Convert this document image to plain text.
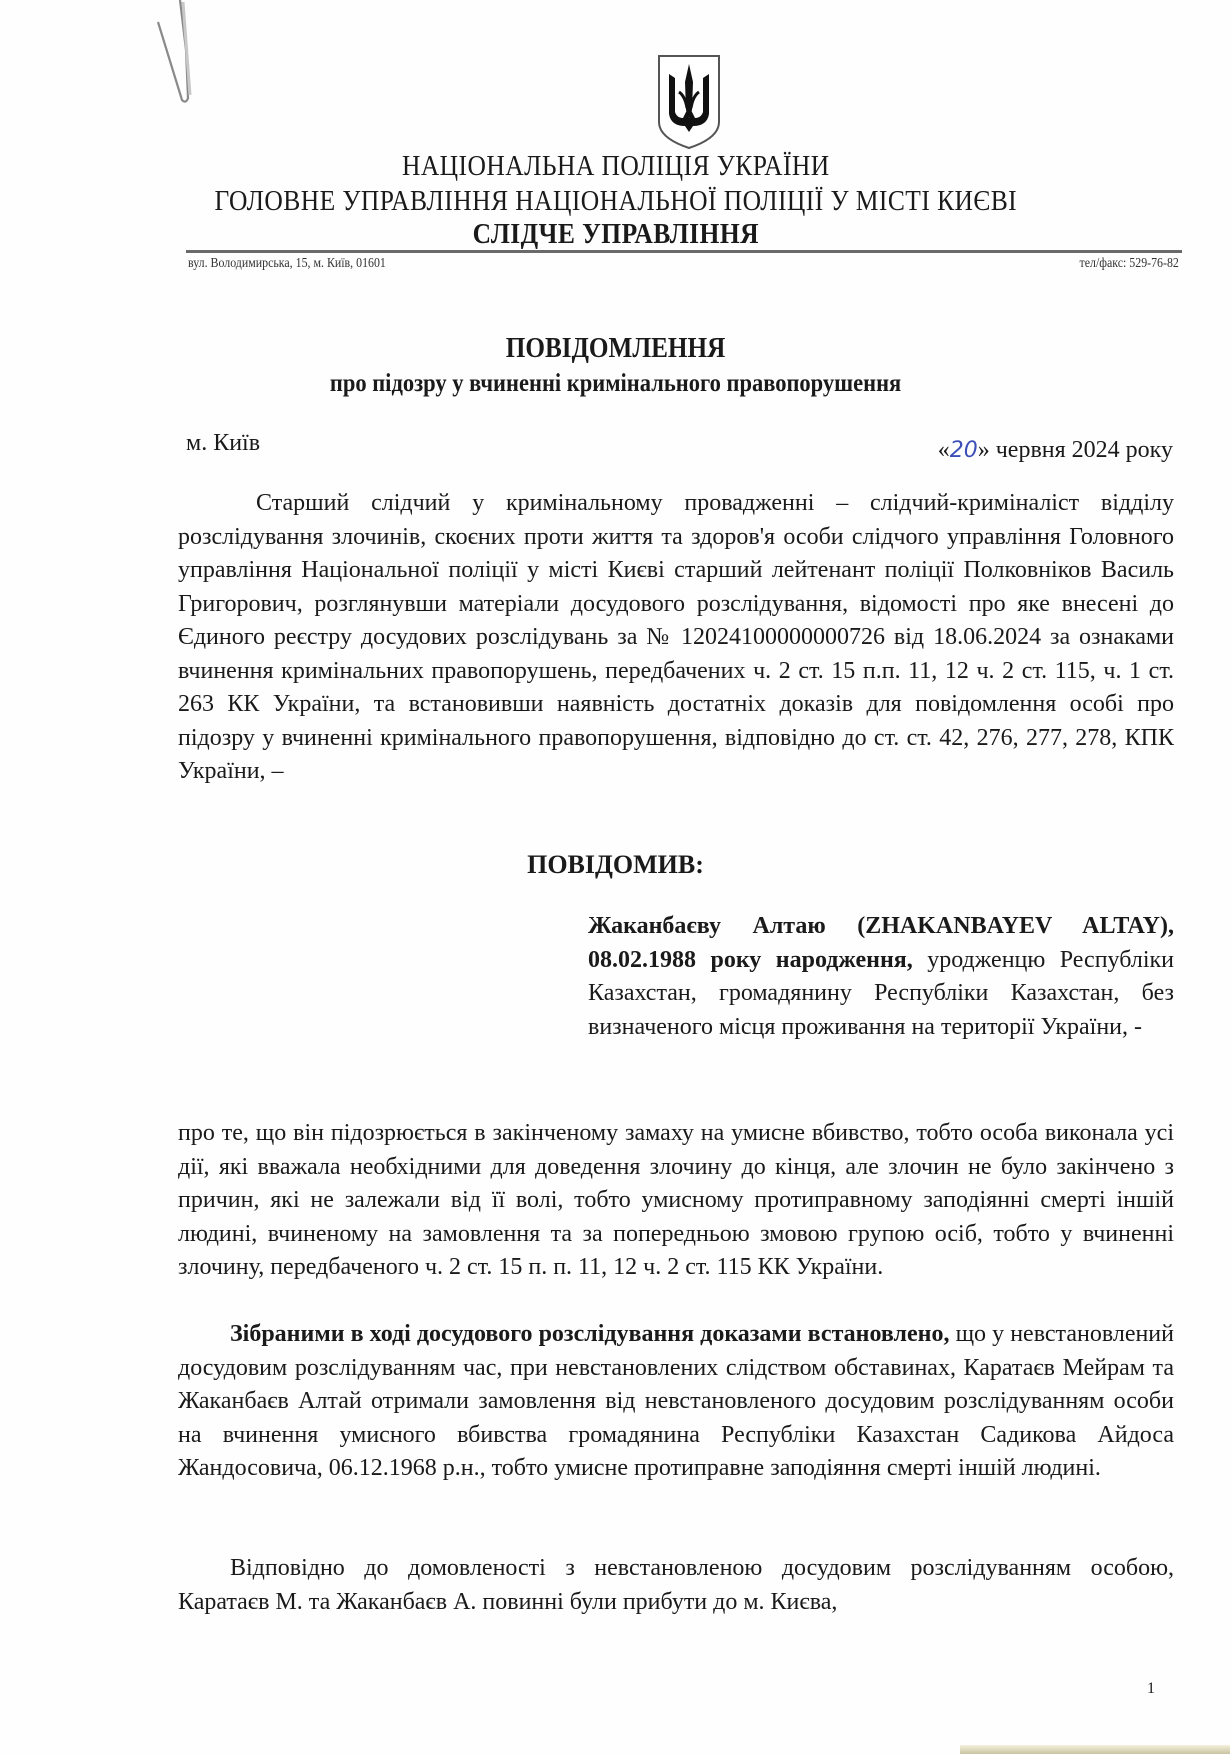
НАЦІОНАЛЬНА ПОЛІЦІЯ УКРАЇНИ
ГОЛОВНЕ УПРАВЛІННЯ НАЦІОНАЛЬНОЇ ПОЛІЦІЇ У МІСТІ КИЄВІ
СЛІДЧЕ УПРАВЛІННЯ
вул. Володимирська, 15, м. Київ, 01601	тел/факс: 529-76-82
ПОВІДОМЛЕННЯ
про підозру у вчиненні кримінального правопорушення
м. Київ	«20» червня 2024 року
Старший слідчий у кримінальному провадженні – слідчий-криміналіст відділу розслідування злочинів, скоєних проти життя та здоров'я особи слідчого управління Головного управління Національної поліції у місті Києві старший лейтенант поліції Полковніков Василь Григорович, розглянувши матеріали досудового розслідування, відомості про яке внесені до Єдиного реєстру досудових розслідувань за № 12024100000000726 від 18.06.2024 за ознаками вчинення кримінальних правопорушень, передбачених ч. 2 ст. 15 п.п. 11, 12 ч. 2 ст. 115, ч. 1 ст. 263 КК України, та встановивши наявність достатніх доказів для повідомлення особі про підозру у вчиненні кримінального правопорушення, відповідно до ст. ст. 42, 276, 277, 278, КПК України, –
ПОВІДОМИВ:
Жаканбаєву Алтаю (ZHAKANBAYEV ALTAY), 08.02.1988 року народження, уродженцю Республіки Казахстан, громадянину Республіки Казахстан, без визначеного місця проживання на території України, -
про те, що він підозрюється в закінченому замаху на умисне вбивство, тобто особа виконала усі дії, які вважала необхідними для доведення злочину до кінця, але злочин не було закінчено з причин, які не залежали від її волі, тобто умисному протиправному заподіянні смерті іншій людині, вчиненому на замовлення та за попередньою змовою групою осіб, тобто у вчиненні злочину, передбаченого ч. 2 ст. 15 п. п. 11, 12 ч. 2 ст. 115 КК України.
Зібраними в ході досудового розслідування доказами встановлено, що у невстановлений досудовим розслідуванням час, при невстановлених слідством обставинах, Каратаєв Мейрам та Жаканбаєв Алтай отримали замовлення від невстановленого досудовим розслідуванням особи на вчинення умисного вбивства громадянина Республіки Казахстан Садикова Айдоса Жандосовича, 06.12.1968 р.н., тобто умисне протиправне заподіяння смерті іншій людині.
Відповідно до домовленості з невстановленою досудовим розслідуванням особою, Каратаєв М. та Жаканбаєв А. повинні були прибути до м. Києва,
1
